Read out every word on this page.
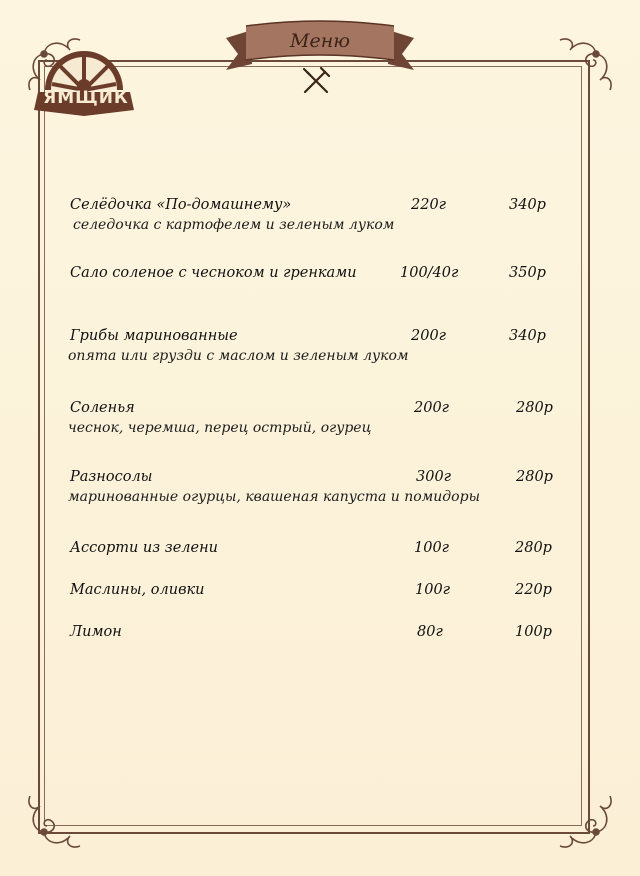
ЯМЩИК
Меню
Селёдочка «По-домашнему»	220г	340р
селедочка с картофелем и зеленым луком
Сало соленое с чесноком и гренками	100/40г	350р
Грибы маринованные	200г	340р
опята или грузди с маслом и зеленым луком
Соленья	200г	280р
чеснок, черемша, перец острый, огурец
Разносолы	300г	280р
маринованные огурцы, квашеная капуста и помидоры
Ассорти из зелени	100г	280р
Маслины, оливки	100г	220р
Лимон	80г	100р
